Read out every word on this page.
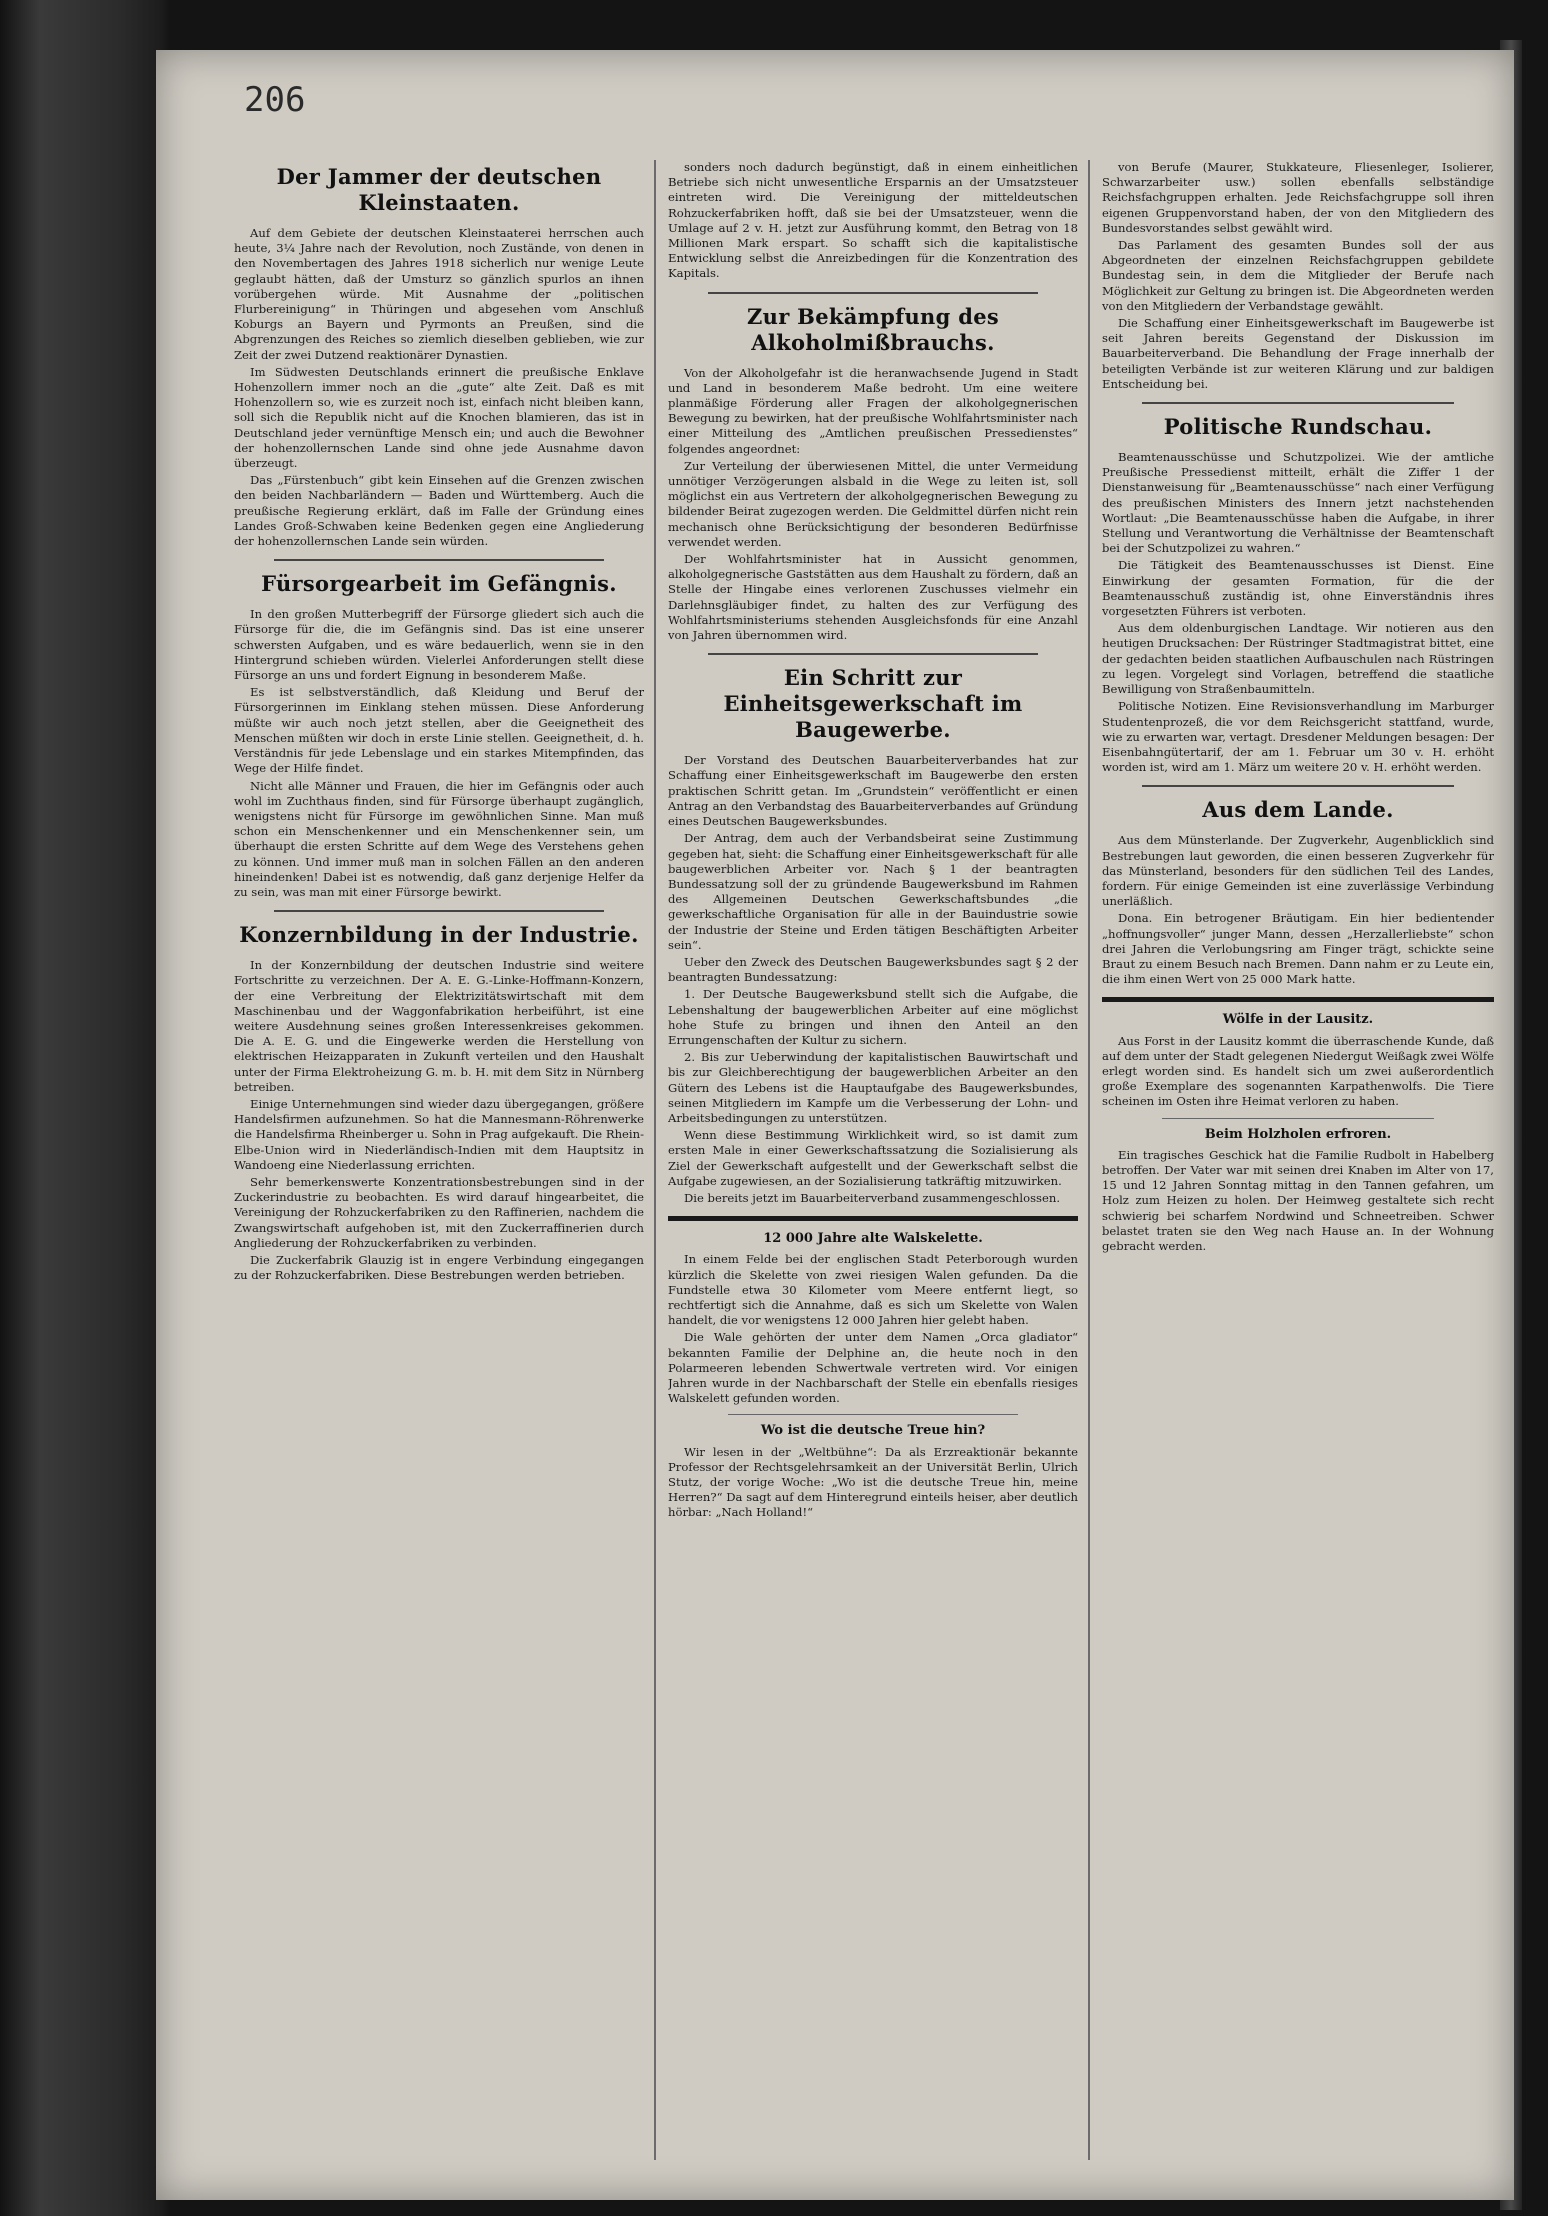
206
Der Jammer der deutschen Kleinstaaten.

Auf dem Gebiete der deutschen Kleinstaaterei herrschen auch heute, 3¼ Jahre nach der Revolution, noch Zustände, von denen in den Novembertagen des Jahres 1918 sicherlich nur wenige Leute geglaubt hätten, daß der Umsturz so gänzlich spurlos an ihnen vorübergehen würde. Mit Ausnahme der „politischen Flurbereinigung“ in Thüringen und abgesehen vom Anschluß Koburgs an Bayern und Pyrmonts an Preußen, sind die Abgrenzungen des Reiches so ziemlich dieselben geblieben, wie zur Zeit der zwei Dutzend reaktionärer Dynastien.

Im Südwesten Deutschlands erinnert die preußische Enklave Hohenzollern immer noch an die „gute“ alte Zeit. Daß es mit Hohenzollern so, wie es zurzeit noch ist, einfach nicht bleiben kann, soll sich die Republik nicht auf die Knochen blamieren, das ist in Deutschland jeder vernünftige Mensch ein; und auch die Bewohner der hohenzollernschen Lande sind ohne jede Ausnahme davon überzeugt.

Das „Fürstenbuch“ gibt kein Einsehen auf die Grenzen zwischen den beiden Nachbarländern — Baden und Württemberg. Auch die preußische Regierung erklärt, daß im Falle der Gründung eines Landes Groß-Schwaben keine Bedenken gegen eine Angliederung der hohenzollernschen Lande sein würden.

Fürsorgearbeit im Gefängnis.

In den großen Mutterbegriff der Fürsorge gliedert sich auch die Fürsorge für die, die im Gefängnis sind. Das ist eine unserer schwersten Aufgaben, und es wäre bedauerlich, wenn sie in den Hintergrund schieben würden. Vielerlei Anforderungen stellt diese Fürsorge an uns und fordert Eignung in besonderem Maße.

Es ist selbstverständlich, daß Kleidung und Beruf der Fürsorgerinnen im Einklang stehen müssen. Diese Anforderung müßte wir auch noch jetzt stellen, aber die Geeignetheit des Menschen müßten wir doch in erste Linie stellen. Geeignetheit, d. h. Verständnis für jede Lebenslage und ein starkes Mitempfinden, das Wege der Hilfe findet.

Nicht alle Männer und Frauen, die hier im Gefängnis oder auch wohl im Zuchthaus finden, sind für Fürsorge überhaupt zugänglich, wenigstens nicht für Fürsorge im gewöhnlichen Sinne. Man muß schon ein Menschenkenner und ein Menschenkenner sein, um überhaupt die ersten Schritte auf dem Wege des Verstehens gehen zu können. Und immer muß man in solchen Fällen an den anderen hineindenken! Dabei ist es notwendig, daß ganz derjenige Helfer da zu sein, was man mit einer Fürsorge bewirkt.

Konzernbildung in der Industrie.

In der Konzernbildung der deutschen Industrie sind weitere Fortschritte zu verzeichnen. Der A. E. G.-Linke-Hoffmann-Konzern, der eine Verbreitung der Elektrizitätswirtschaft mit dem Maschinenbau und der Waggonfabrikation herbeiführt, ist eine weitere Ausdehnung seines großen Interessenkreises gekommen. Die A. E. G. und die Eingewerke werden die Herstellung von elektrischen Heizapparaten in Zukunft verteilen und den Haushalt unter der Firma Elektroheizung G. m. b. H. mit dem Sitz in Nürnberg betreiben.

Einige Unternehmungen sind wieder dazu übergegangen, größere Handelsfirmen aufzunehmen. So hat die Mannesmann-Röhrenwerke die Handelsfirma Rheinberger u. Sohn in Prag aufgekauft. Die Rhein-Elbe-Union wird in Niederländisch-Indien mit dem Hauptsitz in Wandoeng eine Niederlassung errichten.

Sehr bemerkenswerte Konzentrationsbestrebungen sind in der Zuckerindustrie zu beobachten. Es wird darauf hingearbeitet, die Vereinigung der Rohzuckerfabriken zu den Raffinerien, nachdem die Zwangswirtschaft aufgehoben ist, mit den Zuckerraffinerien durch Angliederung der Rohzuckerfabriken zu verbinden.

Die Zuckerfabrik Glauzig ist in engere Verbindung eingegangen zu der Rohzuckerfabriken. Diese Bestrebungen werden betrieben.

sonders noch dadurch begünstigt, daß in einem einheitlichen Betriebe sich nicht unwesentliche Ersparnis an der Umsatzsteuer eintreten wird. Die Vereinigung der mitteldeutschen Rohzuckerfabriken hofft, daß sie bei der Umsatzsteuer, wenn die Umlage auf 2 v. H. jetzt zur Ausführung kommt, den Betrag von 18 Millionen Mark erspart. So schafft sich die kapitalistische Entwicklung selbst die Anreizbedingen für die Konzentration des Kapitals.

Zur Bekämpfung des Alkoholmißbrauchs.

Von der Alkoholgefahr ist die heranwachsende Jugend in Stadt und Land in besonderem Maße bedroht. Um eine weitere planmäßige Förderung aller Fragen der alkoholgegnerischen Bewegung zu bewirken, hat der preußische Wohlfahrtsminister nach einer Mitteilung des „Amtlichen preußischen Pressedienstes“ folgendes angeordnet:

Zur Verteilung der überwiesenen Mittel, die unter Vermeidung unnötiger Verzögerungen alsbald in die Wege zu leiten ist, soll möglichst ein aus Vertretern der alkoholgegnerischen Bewegung zu bildender Beirat zugezogen werden. Die Geldmittel dürfen nicht rein mechanisch ohne Berücksichtigung der besonderen Bedürfnisse verwendet werden.

Der Wohlfahrtsminister hat in Aussicht genommen, alkoholgegnerische Gaststätten aus dem Haushalt zu fördern, daß an Stelle der Hingabe eines verlorenen Zuschusses vielmehr ein Darlehnsgläubiger findet, zu halten des zur Verfügung des Wohlfahrtsministeriums stehenden Ausgleichsfonds für eine Anzahl von Jahren übernommen wird.

Ein Schritt zur Einheitsgewerkschaft im Baugewerbe.

Der Vorstand des Deutschen Bauarbeiterverbandes hat zur Schaffung einer Einheitsgewerkschaft im Baugewerbe den ersten praktischen Schritt getan. Im „Grundstein“ veröffentlicht er einen Antrag an den Verbandstag des Bauarbeiterverbandes auf Gründung eines Deutschen Baugewerksbundes.

Der Antrag, dem auch der Verbandsbeirat seine Zustimmung gegeben hat, sieht: die Schaffung einer Einheitsgewerkschaft für alle baugewerblichen Arbeiter vor. Nach § 1 der beantragten Bundessatzung soll der zu gründende Baugewerksbund im Rahmen des Allgemeinen Deutschen Gewerkschaftsbundes „die gewerkschaftliche Organisation für alle in der Bauindustrie sowie der Industrie der Steine und Erden tätigen Beschäftigten Arbeiter sein“.

Ueber den Zweck des Deutschen Baugewerksbundes sagt § 2 der beantragten Bundessatzung:

1. Der Deutsche Baugewerksbund stellt sich die Aufgabe, die Lebenshaltung der baugewerblichen Arbeiter auf eine möglichst hohe Stufe zu bringen und ihnen den Anteil an den Errungenschaften der Kultur zu sichern.

2. Bis zur Ueberwindung der kapitalistischen Bauwirtschaft und bis zur Gleichberechtigung der baugewerblichen Arbeiter an den Gütern des Lebens ist die Hauptaufgabe des Baugewerksbundes, seinen Mitgliedern im Kampfe um die Verbesserung der Lohn- und Arbeitsbedingungen zu unterstützen.

Wenn diese Bestimmung Wirklichkeit wird, so ist damit zum ersten Male in einer Gewerkschaftssatzung die Sozialisierung als Ziel der Gewerkschaft aufgestellt und der Gewerkschaft selbst die Aufgabe zugewiesen, an der Sozialisierung tatkräftig mitzuwirken.

Die bereits jetzt im Bauarbeiterverband zusammengeschlossen.

12 000 Jahre alte Walskelette.

In einem Felde bei der englischen Stadt Peterborough wurden kürzlich die Skelette von zwei riesigen Walen gefunden. Da die Fundstelle etwa 30 Kilometer vom Meere entfernt liegt, so rechtfertigt sich die Annahme, daß es sich um Skelette von Walen handelt, die vor wenigstens 12 000 Jahren hier gelebt haben.

Die Wale gehörten der unter dem Namen „Orca gladiator“ bekannten Familie der Delphine an, die heute noch in den Polarmeeren lebenden Schwertwale vertreten wird. Vor einigen Jahren wurde in der Nachbarschaft der Stelle ein ebenfalls riesiges Walskelett gefunden worden.

Wo ist die deutsche Treue hin?

Wir lesen in der „Weltbühne“: Da als Erzreaktionär bekannte Professor der Rechtsgelehrsamkeit an der Universität Berlin, Ulrich Stutz, der vorige Woche: „Wo ist die deutsche Treue hin, meine Herren?“ Da sagt auf dem Hinteregrund einteils heiser, aber deutlich hörbar: „Nach Holland!“

von Berufe (Maurer, Stukkateure, Fliesenleger, Isolierer, Schwarzarbeiter usw.) sollen ebenfalls selbständige Reichsfachgruppen erhalten. Jede Reichsfachgruppe soll ihren eigenen Gruppenvorstand haben, der von den Mitgliedern des Bundesvorstandes selbst gewählt wird.

Das Parlament des gesamten Bundes soll der aus Abgeordneten der einzelnen Reichsfachgruppen gebildete Bundestag sein, in dem die Mitglieder der Berufe nach Möglichkeit zur Geltung zu bringen ist. Die Abgeordneten werden von den Mitgliedern der Verbandstage gewählt.

Die Schaffung einer Einheitsgewerkschaft im Baugewerbe ist seit Jahren bereits Gegenstand der Diskussion im Bauarbeiterverband. Die Behandlung der Frage innerhalb der beteiligten Verbände ist zur weiteren Klärung und zur baldigen Entscheidung bei.

Politische Rundschau.

Beamtenausschüsse und Schutzpolizei. Wie der amtliche Preußische Pressedienst mitteilt, erhält die Ziffer 1 der Dienstanweisung für „Beamtenausschüsse“ nach einer Verfügung des preußischen Ministers des Innern jetzt nachstehenden Wortlaut: „Die Beamtenausschüsse haben die Aufgabe, in ihrer Stellung und Verantwortung die Verhältnisse der Beamtenschaft bei der Schutzpolizei zu wahren.“

Die Tätigkeit des Beamtenausschusses ist Dienst. Eine Einwirkung der gesamten Formation, für die der Beamtenausschuß zuständig ist, ohne Einverständnis ihres vorgesetzten Führers ist verboten.

Aus dem oldenburgischen Landtage. Wir notieren aus den heutigen Drucksachen: Der Rüstringer Stadtmagistrat bittet, eine der gedachten beiden staatlichen Aufbauschulen nach Rüstringen zu legen. Vorgelegt sind Vorlagen, betreffend die staatliche Bewilligung von Straßenbaumitteln.

Politische Notizen. Eine Revisionsverhandlung im Marburger Studentenprozeß, die vor dem Reichsgericht stattfand, wurde, wie zu erwarten war, vertagt. Dresdener Meldungen besagen: Der Eisenbahngütertarif, der am 1. Februar um 30 v. H. erhöht worden ist, wird am 1. März um weitere 20 v. H. erhöht werden.

Aus dem Lande.

Aus dem Münsterlande. Der Zugverkehr, Augenblicklich sind Bestrebungen laut geworden, die einen besseren Zugverkehr für das Münsterland, besonders für den südlichen Teil des Landes, fordern. Für einige Gemeinden ist eine zuverlässige Verbindung unerläßlich.

Dona. Ein betrogener Bräutigam. Ein hier bedientender „hoffnungsvoller“ junger Mann, dessen „Herzallerliebste“ schon drei Jahren die Verlobungsring am Finger trägt, schickte seine Braut zu einem Besuch nach Bremen. Dann nahm er zu Leute ein, die ihm einen Wert von 25 000 Mark hatte.

Wölfe in der Lausitz.

Aus Forst in der Lausitz kommt die überraschende Kunde, daß auf dem unter der Stadt gelegenen Niedergut Weißagk zwei Wölfe erlegt worden sind. Es handelt sich um zwei außerordentlich große Exemplare des sogenannten Karpathenwolfs. Die Tiere scheinen im Osten ihre Heimat verloren zu haben.

Beim Holzholen erfroren.

Ein tragisches Geschick hat die Familie Rudbolt in Habelberg betroffen. Der Vater war mit seinen drei Knaben im Alter von 17, 15 und 12 Jahren Sonntag mittag in den Tannen gefahren, um Holz zum Heizen zu holen. Der Heimweg gestaltete sich recht schwierig bei scharfem Nordwind und Schneetreiben. Schwer belastet traten sie den Weg nach Hause an. In der Wohnung gebracht werden.
